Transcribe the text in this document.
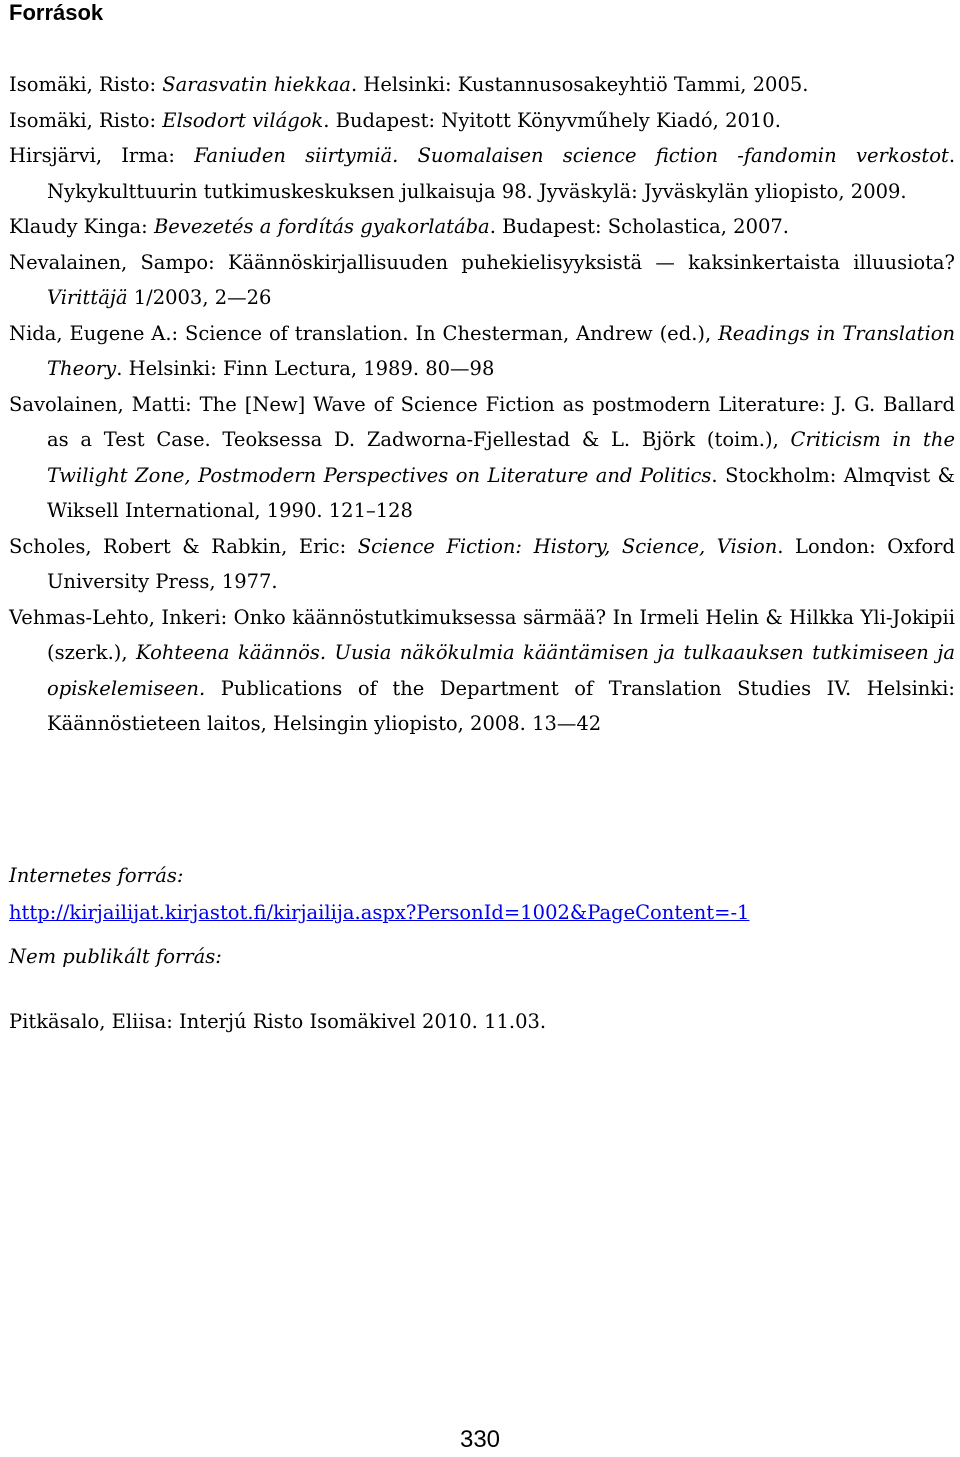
Források

Isomäki, Risto: Sarasvatin hiekkaa. Helsinki: Kustannusosakeyhtiö Tammi, 2005.

Isomäki, Risto: Elsodort világok. Budapest: Nyitott Könyvműhely Kiadó, 2010.

Hirsjärvi, Irma: Faniuden siirtymiä. Suomalaisen science fiction -fandomin verkostot. Nykykulttuurin tutkimuskeskuksen julkaisuja 98. Jyväskylä: Jyväskylän yliopisto, 2009.

Klaudy Kinga: Bevezetés a fordítás gyakorlatába. Budapest: Scholastica, 2007.

Nevalainen, Sampo: Käännöskirjallisuuden puhekielisyyksistä — kaksinkertaista illuusiota? Virittäjä 1/2003, 2—26

Nida, Eugene A.: Science of translation. In Chesterman, Andrew (ed.), Readings in Translation Theory. Helsinki: Finn Lectura, 1989. 80—98

Savolainen, Matti: The [New] Wave of Science Fiction as postmodern Literature: J. G. Ballard as a Test Case. Teoksessa D. Zadworna-Fjellestad & L. Björk (toim.), Criticism in the Twilight Zone, Postmodern Perspectives on Literature and Politics. Stockholm: Almqvist & Wiksell International, 1990. 121–128

Scholes, Robert & Rabkin, Eric: Science Fiction: History, Science, Vision. London: Oxford University Press, 1977.

Vehmas-Lehto, Inkeri: Onko käännöstutkimuksessa särmää? In Irmeli Helin & Hilkka Yli-Jokipii (szerk.), Kohteena käännös. Uusia näkökulmia kääntämisen ja tulkaauksen tutkimiseen ja opiskelemiseen. Publications of the Department of Translation Studies IV. Helsinki: Käännöstieteen laitos, Helsingin yliopisto, 2008. 13—42

Internetes forrás:
http://kirjailijat.kirjastot.fi/kirjailija.aspx?PersonId=1002&PageContent=-1
Nem publikált forrás:
Pitkäsalo, Eliisa: Interjú Risto Isomäkivel 2010. 11.03.
330
